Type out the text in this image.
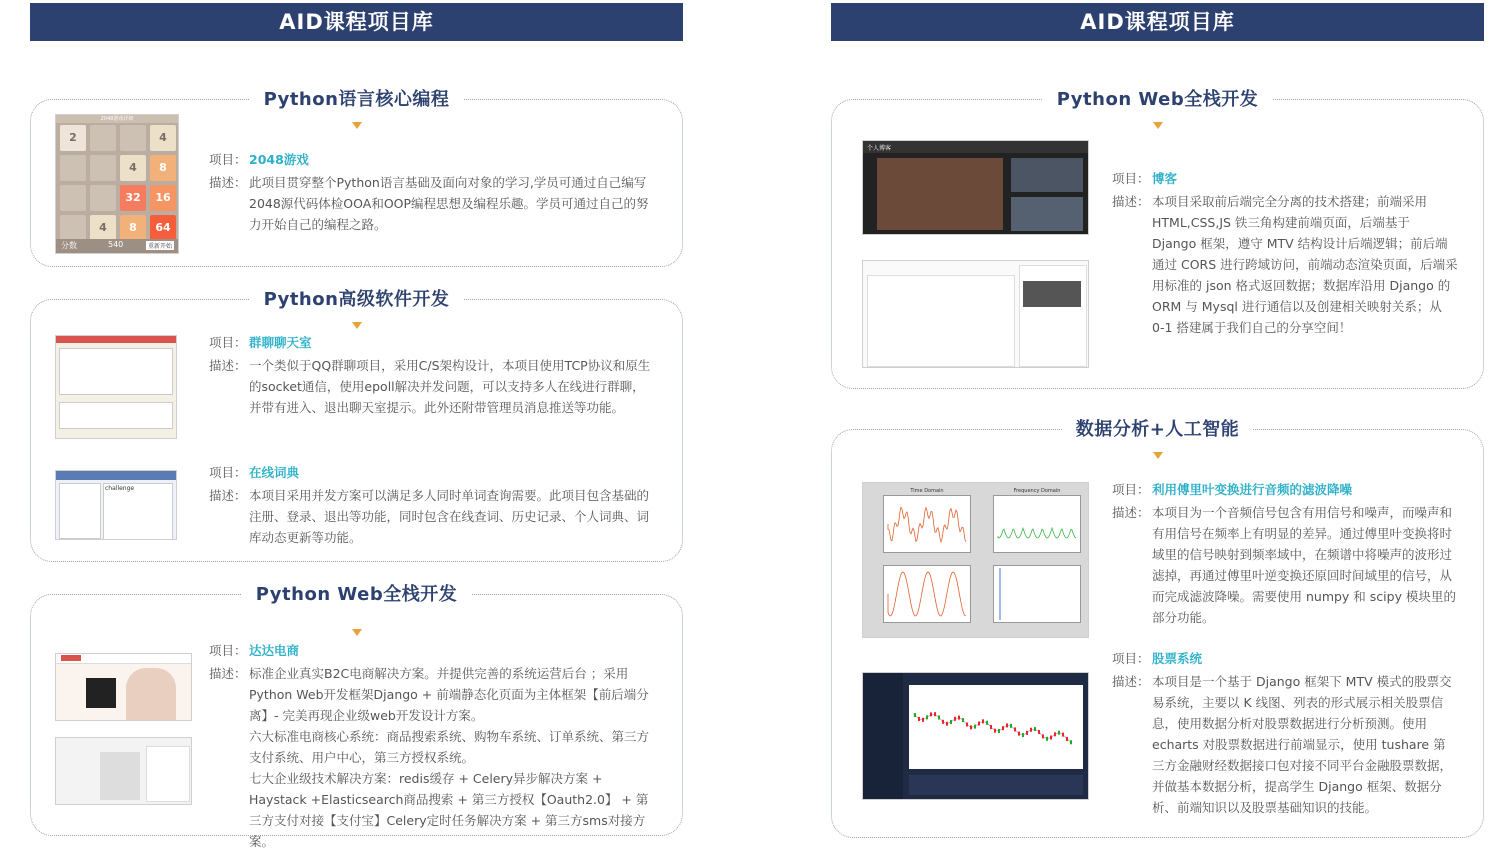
AID课程项目库	AID课程项目库
Python语言核心编程
2048游戏详细
2	4
4	8
32	16
4	8	64
分数	540	重新开始
项目： 2048游戏
描述： 此项目贯穿整个Python语言基础及面向对象的学习,学员可通过自己编写2048源代码体检OOA和OOP编程思想及编程乐趣。学员可通过自己的努力开始自己的编程之路。
Python高级软件开发
项目： 群聊聊天室
描述： 一个类似于QQ群聊项目，采用C/S架构设计，本项目使用TCP协议和原生的socket通信，使用epoll解决并发问题，可以支持多人在线进行群聊，并带有进入、退出聊天室提示。此外还附带管理员消息推送等功能。
challenge
项目： 在线词典
描述： 本项目采用并发方案可以满足多人同时单词查询需要。此项目包含基础的注册、登录、退出等功能，同时包含在线查词、历史记录、个人词典、词库动态更新等功能。
Python Web全栈开发
项目： 达达电商
描述： 标准企业真实B2C电商解决方案。并提供完善的系统运营后台 ；采用Python Web开发框架Django + 前端静态化页面为主体框架【前后端分离】- 完美再现企业级web开发设计方案。
六大标准电商核心系统：商品搜索系统、购物车系统、订单系统、第三方支付系统、用户中心，第三方授权系统。
七大企业级技术解决方案：redis缓存 + Celery异步解决方案 + Haystack +Elasticsearch商品搜索 + 第三方授权【Oauth2.0】 + 第三方支付对接【支付宝】Celery定时任务解决方案 + 第三方sms对接方案。
Python Web全栈开发
个人博客
项目： 博客
描述： 本项目采取前后端完全分离的技术搭建；前端采用 HTML,CSS,JS 铁三角构建前端页面，后端基于 Django 框架，遵守 MTV 结构设计后端逻辑；前后端通过 CORS 进行跨域访问，前端动态渲染页面，后端采用标准的 json 格式返回数据；数据库沿用 Django 的 ORM 与 Mysql 进行通信以及创建相关映射关系；从 0-1 搭建属于我们自己的分享空间！
数据分析+人工智能
Time Domain	Frequency Domain	项目： 利用傅里叶变换进行音频的滤波降噪
描述： 本项目为一个音频信号包含有用信号和噪声，而噪声和有用信号在频率上有明显的差异。通过傅里叶变换将时域里的信号映射到频率域中，在频谱中将噪声的波形过滤掉，再通过傅里叶逆变换还原回时间域里的信号，从而完成滤波降噪。需要使用 numpy 和 scipy 模块里的部分功能。
项目： 股票系统
描述： 本项目是一个基于 Django 框架下 MTV 模式的股票交易系统，主要以 K 线图、列表的形式展示相关股票信息，使用数据分析对股票数据进行分析预测。使用 echarts 对股票数据进行前端显示，使用 tushare 第三方金融财经数据接口包对接不同平台金融股票数据，并做基本数据分析，提高学生 Django 框架、数据分析、前端知识以及股票基础知识的技能。
